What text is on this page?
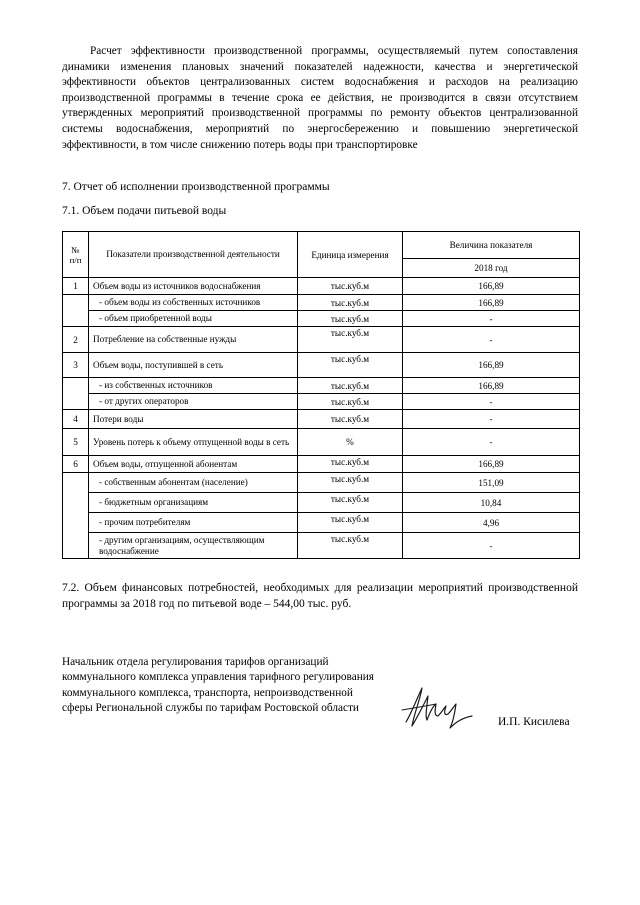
Расчет эффективности производственной программы, осуществляемый путем сопоставления динамики изменения плановых значений показателей надежности, качества и энергетической эффективности объектов централизованных систем водоснабжения и расходов на реализацию производственной программы в течение срока ее действия, не производится в связи отсутствием утвержденных мероприятий производственной программы по ремонту объектов централизованной системы водоснабжения, мероприятий по энергосбережению и повышению энергетической эффективности, в том числе снижению потерь воды при транспортировке

7. Отчет об исполнении производственной программы

7.1. Объем подачи питьевой воды

№ п/п	Показатели производственной деятельности	Единица измерения	Величина показателя
			2018 год
1	Объем воды из источников водоснабжения	тыс.куб.м	166,89
	- объем воды из собственных источников	тыс.куб.м	166,89
	- объем приобретенной воды	тыс.куб.м	-
2	Потребление на собственные нужды	тыс.куб.м	-
3	Объем воды, поступившей в сеть	тыс.куб.м	166,89
	- из собственных источников	тыс.куб.м	166,89
	- от других операторов	тыс.куб.м	-
4	Потери воды	тыс.куб.м	-
5	Уровень потерь к объему отпущенной воды в сеть	%	-
6	Объем воды, отпущенной абонентам	тыс.куб.м	166,89
	- собственным абонентам (население)	тыс.куб.м	151,09
	- бюджетным организациям	тыс.куб.м	10,84
	- прочим потребителям	тыс.куб.м	4,96
	- другим организациям, осуществляющим водоснабжение	тыс.куб.м	-

7.2. Объем финансовых потребностей, необходимых для реализации мероприятий производственной программы за 2018 год по питьевой воде – 544,00 тыс. руб.

Начальник отдела регулирования тарифов организаций коммунального комплекса управления тарифного регулирования коммунального комплекса, транспорта, непроизводственной сферы Региональной службы по тарифам Ростовской области

И.П. Кисилева
